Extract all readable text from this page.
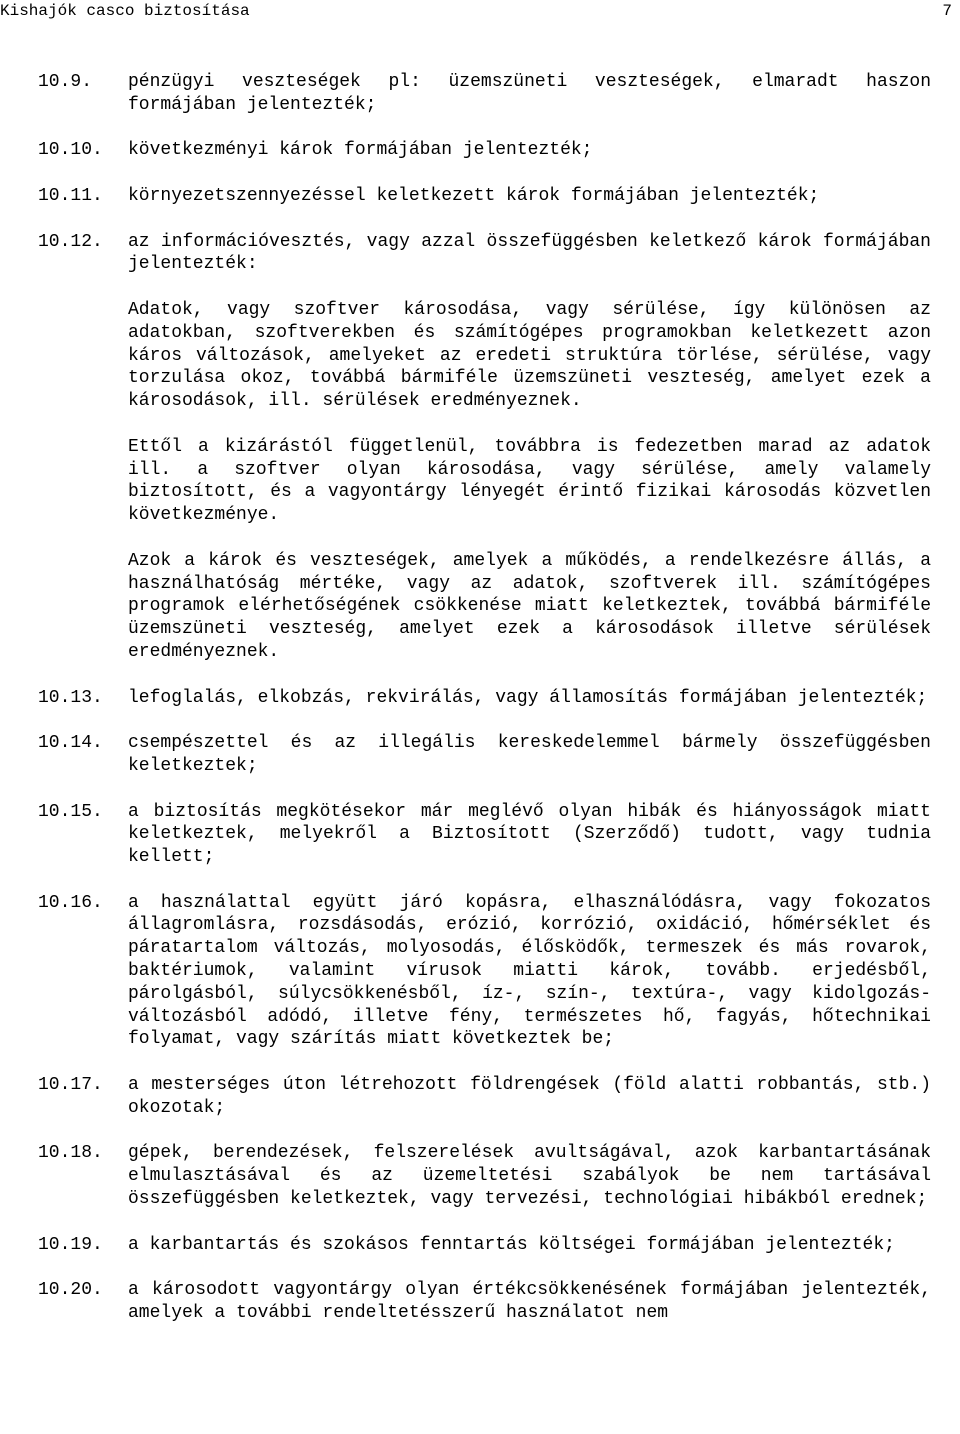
Kishajók casco biztosítása	7
10.9.	pénzügyi veszteségek pl: üzemszüneti veszteségek, elmaradt haszon formájában jelentezték;

10.10.	következményi károk formájában jelentezték;

10.11.	környezetszennyezéssel keletkezett károk formájában jelentezték;

10.12.	az információvesztés, vagy azzal összefüggésben keletkező károk formájában jelentezték:

Adatok, vagy szoftver károsodása, vagy sérülése, így különösen az adatokban, szoftverekben és számítógépes programokban keletkezett azon káros változások, amelyeket az eredeti struktúra törlése, sérülése, vagy torzulása okoz, továbbá bármiféle üzemszüneti veszteség, amelyet ezek a károsodások, ill. sérülések eredményeznek.

Ettől a kizárástól függetlenül, továbbra is fedezetben marad az adatok ill. a szoftver olyan károsodása, vagy sérülése, amely valamely biztosított, és a vagyontárgy lényegét érintő fizikai károsodás közvetlen következménye.

Azok a károk és veszteségek, amelyek a működés, a rendelkezésre állás, a használhatóság mértéke, vagy az adatok, szoftverek ill. számítógépes programok elérhetőségének csökkenése miatt keletkeztek, továbbá bármiféle üzemszüneti veszteség, amelyet ezek a károsodások illetve sérülések eredményeznek.

10.13.	lefoglalás, elkobzás, rekvirálás, vagy államosítás formájában jelentezték;

10.14.	csempészettel és az illegális kereskedelemmel bármely összefüggésben keletkeztek;

10.15.	a biztosítás megkötésekor már meglévő olyan hibák és hiányosságok miatt keletkeztek, melyekről a Biztosított (Szerződő) tudott, vagy tudnia kellett;

10.16.	a használattal együtt járó kopásra, elhasználódásra, vagy fokozatos állagromlásra, rozsdásodás, erózió, korrózió, oxidáció, hőmérséklet és páratartalom változás, molyosodás, élősködők, termeszek és más rovarok, baktériumok, valamint vírusok miatti károk, tovább. erjedésből, párolgásból, súlycsökkenésből, íz-, szín-, textúra-, vagy kidolgozás-változásból adódó, illetve fény, természetes hő, fagyás, hőtechnikai folyamat, vagy szárítás miatt következtek be;

10.17.	a mesterséges úton létrehozott földrengések (föld alatti robbantás, stb.) okozotak;

10.18.	gépek, berendezések, felszerelések avultságával, azok karbantartásának elmulasztásával és az üzemeltetési szabályok be nem tartásával összefüggésben keletkeztek, vagy tervezési, technológiai hibákból erednek;

10.19.	a karbantartás és szokásos fenntartás költségei formájában jelentezték;

10.20.	a károsodott vagyontárgy olyan értékcsökkenésének formájában jelentezték, amelyek a további rendeltetésszerű használatot nem
